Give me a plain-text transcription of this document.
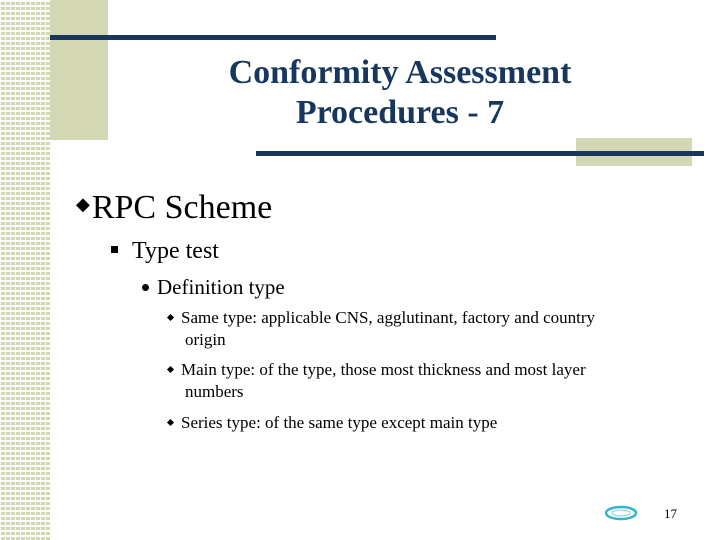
Conformity Assessment
Procedures - 7
◆RPC Scheme
Type test
Definition type
Same type: applicable CNS, agglutinant, factory and country
origin
Main type: of the type, those most thickness and most layer
numbers
Series type: of the same type except main type
17
